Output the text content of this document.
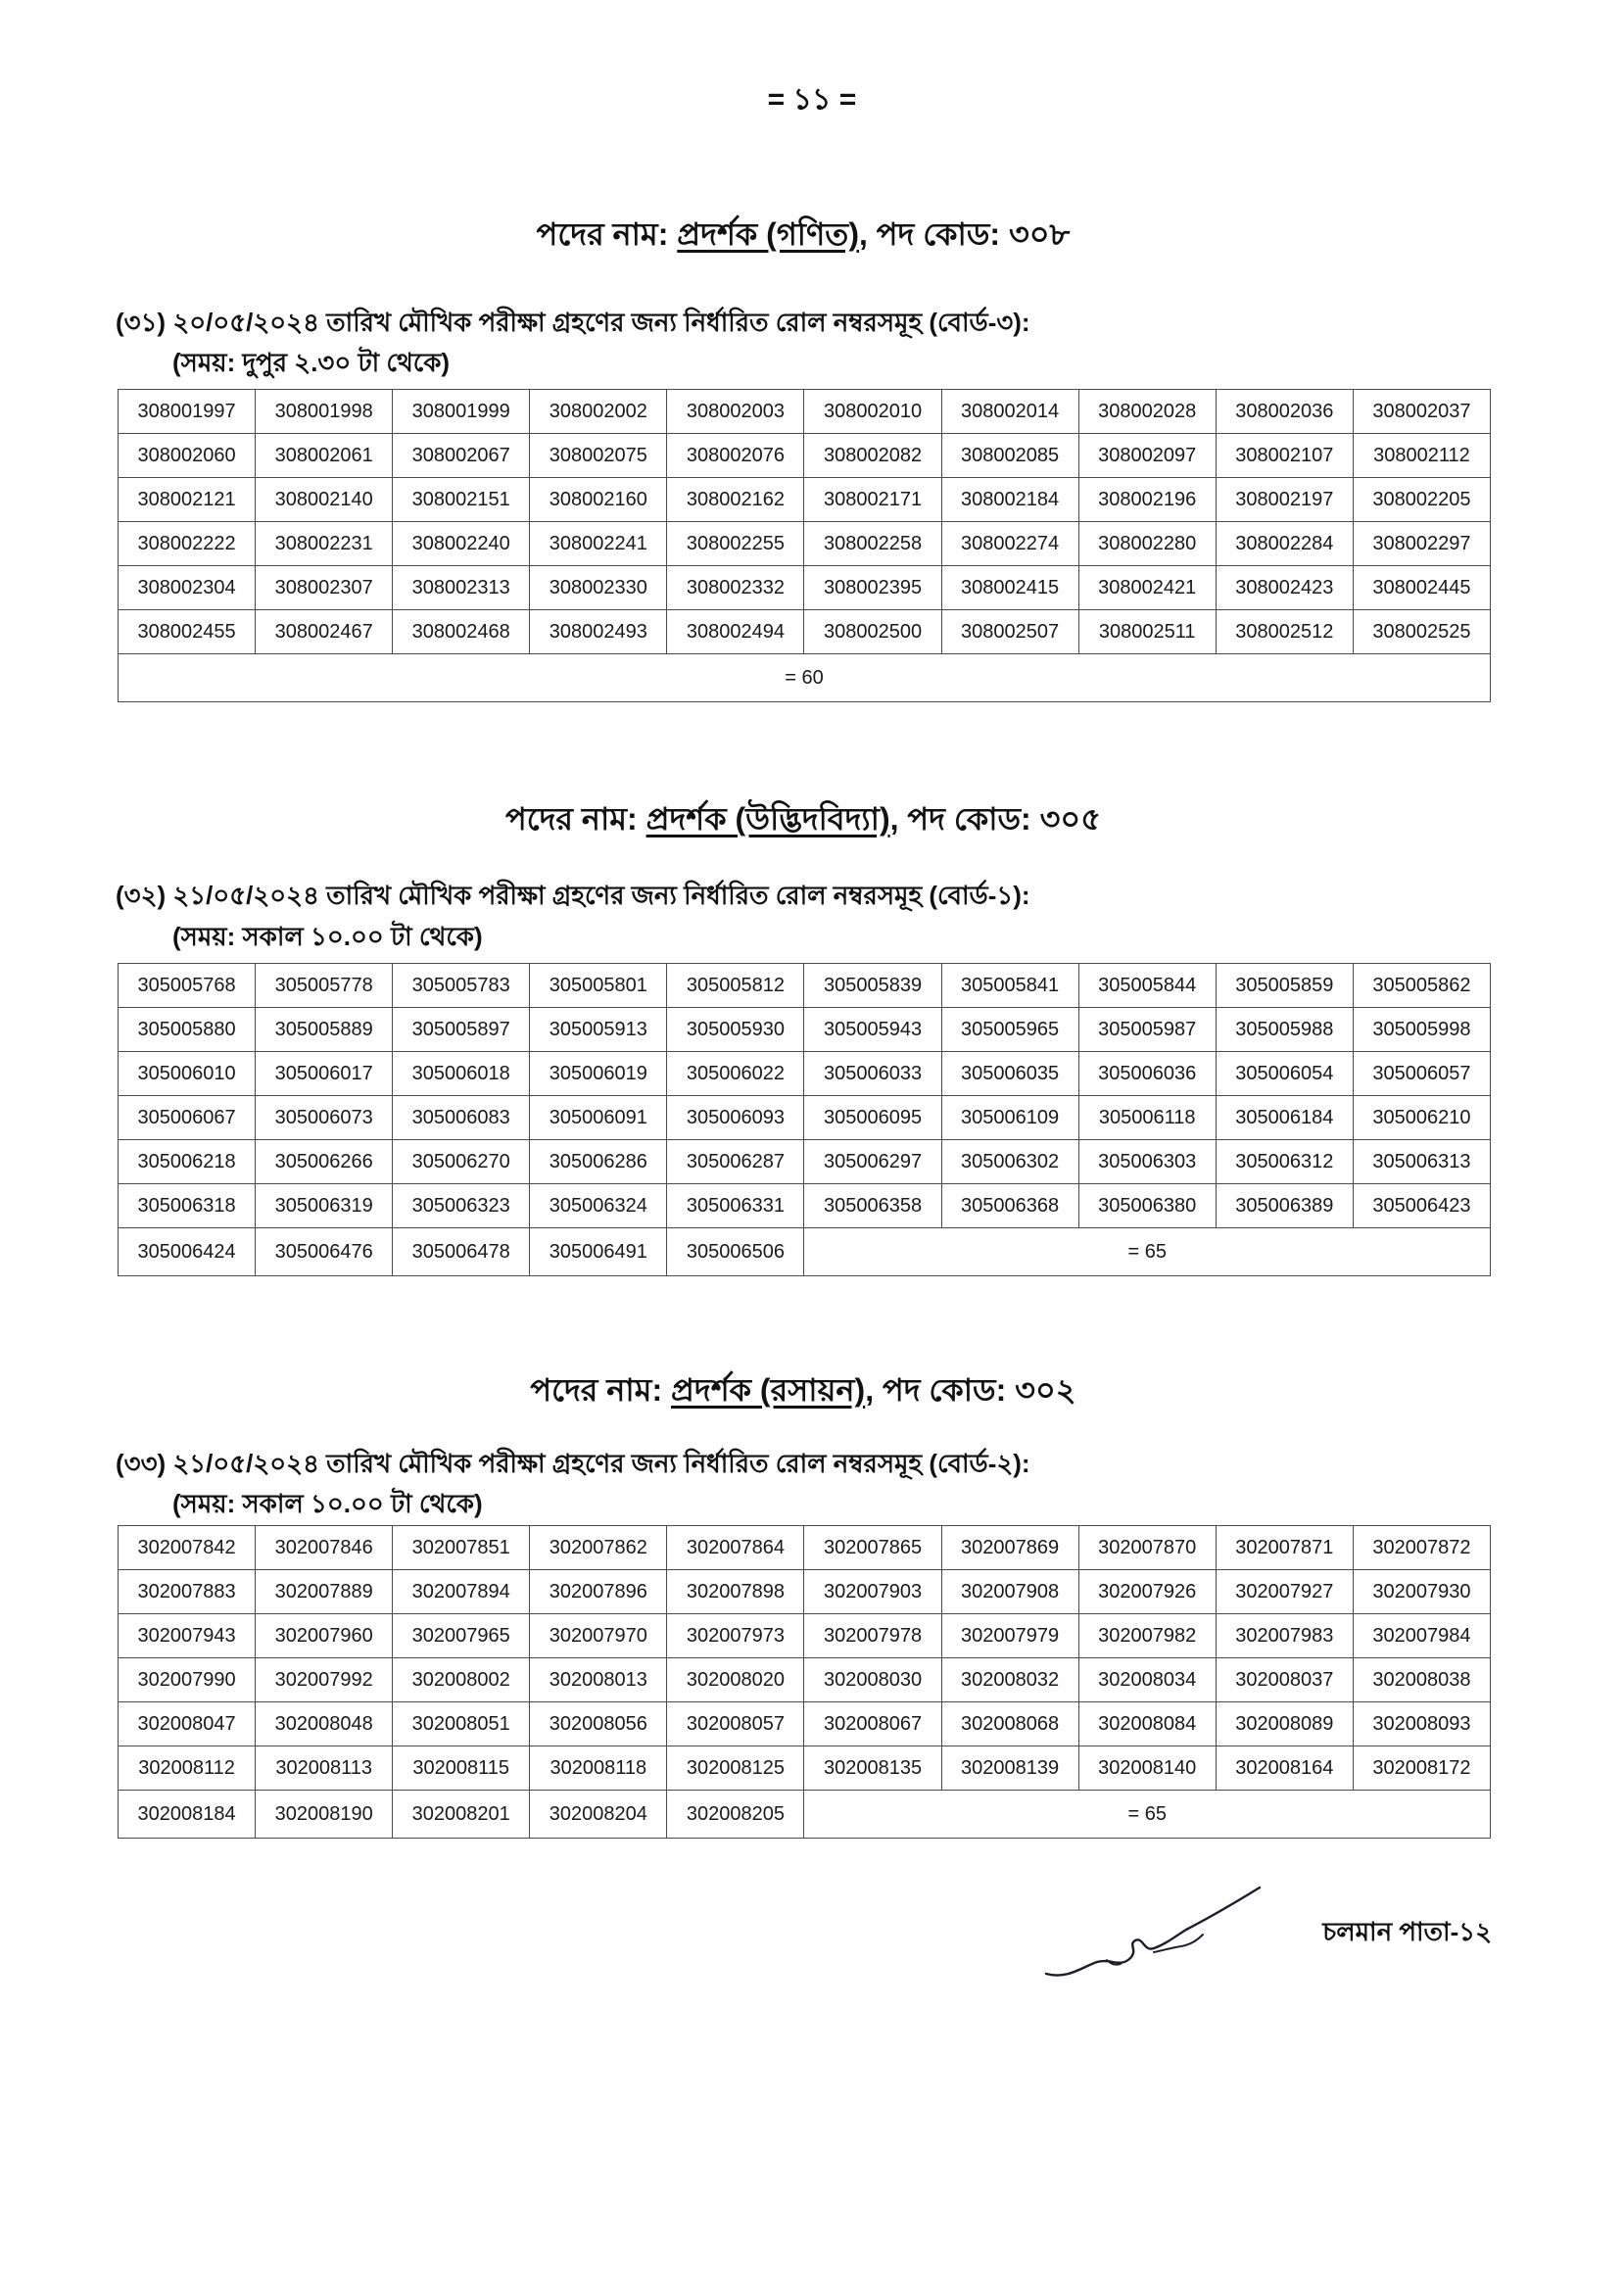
= ১১ =
পদের নাম: প্রদর্শক (গণিত), পদ কোড: ৩০৮
(৩১) ২০/০৫/২০২৪ তারিখ মৌখিক পরীক্ষা গ্রহণের জন্য নির্ধারিত রোল নম্বরসমূহ (বোর্ড-৩):
(সময়: দুপুর ২.৩০ টা থেকে)
308001997	308001998	308001999	308002002	308002003	308002010	308002014	308002028	308002036	308002037
308002060	308002061	308002067	308002075	308002076	308002082	308002085	308002097	308002107	308002112
308002121	308002140	308002151	308002160	308002162	308002171	308002184	308002196	308002197	308002205
308002222	308002231	308002240	308002241	308002255	308002258	308002274	308002280	308002284	308002297
308002304	308002307	308002313	308002330	308002332	308002395	308002415	308002421	308002423	308002445
308002455	308002467	308002468	308002493	308002494	308002500	308002507	308002511	308002512	308002525
= 60									
পদের নাম: প্রদর্শক (উদ্ভিদবিদ্যা), পদ কোড: ৩০৫
(৩২) ২১/০৫/২০২৪ তারিখ মৌখিক পরীক্ষা গ্রহণের জন্য নির্ধারিত রোল নম্বরসমূহ (বোর্ড-১):
(সময়: সকাল ১০.০০ টা থেকে)
305005768	305005778	305005783	305005801	305005812	305005839	305005841	305005844	305005859	305005862
305005880	305005889	305005897	305005913	305005930	305005943	305005965	305005987	305005988	305005998
305006010	305006017	305006018	305006019	305006022	305006033	305006035	305006036	305006054	305006057
305006067	305006073	305006083	305006091	305006093	305006095	305006109	305006118	305006184	305006210
305006218	305006266	305006270	305006286	305006287	305006297	305006302	305006303	305006312	305006313
305006318	305006319	305006323	305006324	305006331	305006358	305006368	305006380	305006389	305006423
305006424	305006476	305006478	305006491	305006506	= 65				
পদের নাম: প্রদর্শক (রসায়ন), পদ কোড: ৩০২
(৩৩) ২১/০৫/২০২৪ তারিখ মৌখিক পরীক্ষা গ্রহণের জন্য নির্ধারিত রোল নম্বরসমূহ (বোর্ড-২):
(সময়: সকাল ১০.০০ টা থেকে)
302007842	302007846	302007851	302007862	302007864	302007865	302007869	302007870	302007871	302007872
302007883	302007889	302007894	302007896	302007898	302007903	302007908	302007926	302007927	302007930
302007943	302007960	302007965	302007970	302007973	302007978	302007979	302007982	302007983	302007984
302007990	302007992	302008002	302008013	302008020	302008030	302008032	302008034	302008037	302008038
302008047	302008048	302008051	302008056	302008057	302008067	302008068	302008084	302008089	302008093
302008112	302008113	302008115	302008118	302008125	302008135	302008139	302008140	302008164	302008172
302008184	302008190	302008201	302008204	302008205	= 65				
চলমান পাতা-১২
